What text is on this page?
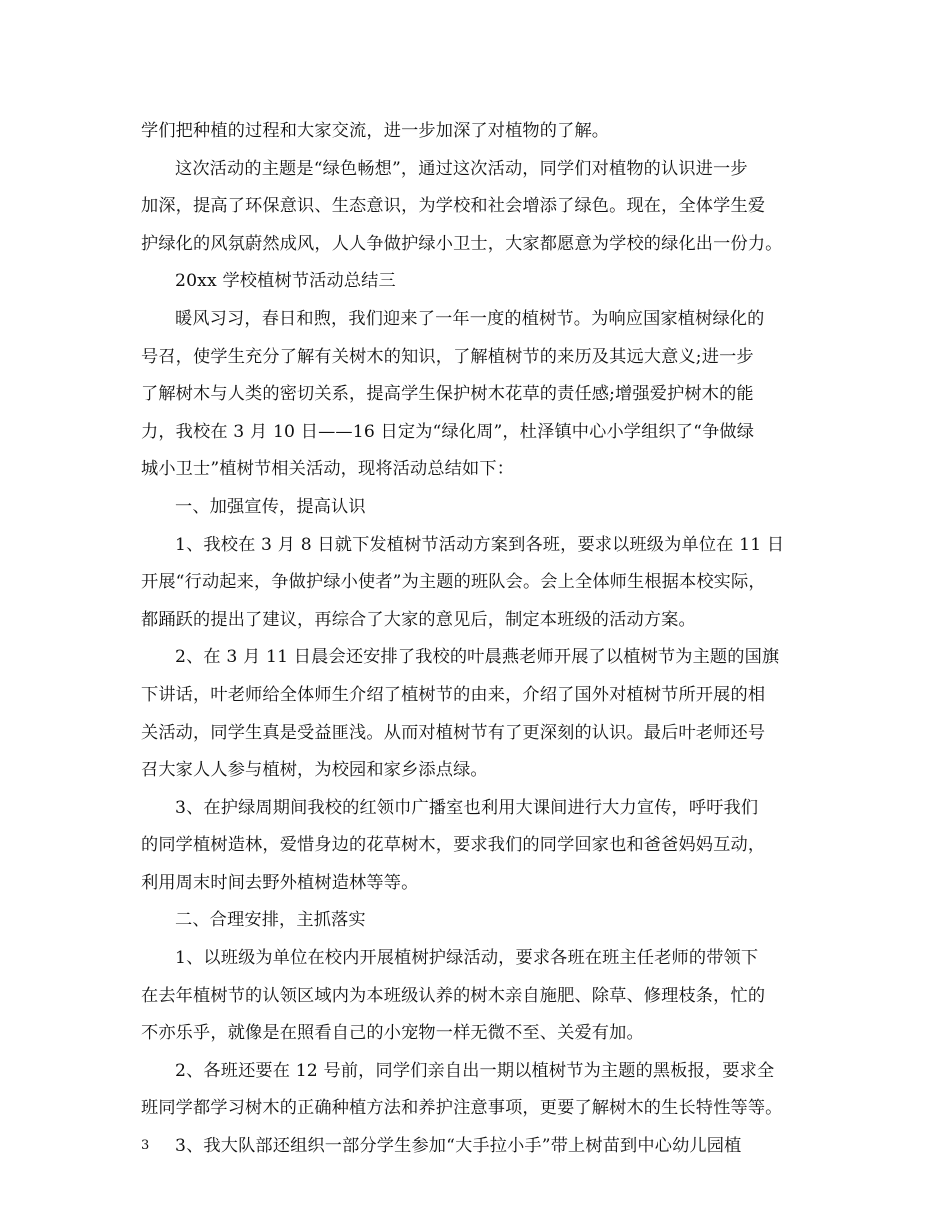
学们把种植的过程和大家交流，进一步加深了对植物的了解。
这次活动的主题是“绿色畅想”，通过这次活动，同学们对植物的认识进一步
加深，提高了环保意识、生态意识，为学校和社会增添了绿色。现在，全体学生爱
护绿化的风氛蔚然成风，人人争做护绿小卫士，大家都愿意为学校的绿化出一份力。
20xx 学校植树节活动总结三
暖风习习，春日和煦，我们迎来了一年一度的植树节。为响应国家植树绿化的
号召，使学生充分了解有关树木的知识，了解植树节的来历及其远大意义;进一步
了解树木与人类的密切关系，提高学生保护树木花草的责任感;增强爱护树木的能
力，我校在 3 月 10 日——16 日定为“绿化周”，杜泽镇中心小学组织了“争做绿
城小卫士”植树节相关活动，现将活动总结如下：
一、加强宣传，提高认识
1、我校在 3 月 8 日就下发植树节活动方案到各班，要求以班级为单位在 11 日
开展“行动起来，争做护绿小使者”为主题的班队会。会上全体师生根据本校实际，
都踊跃的提出了建议，再综合了大家的意见后，制定本班级的活动方案。
2、在 3 月 11 日晨会还安排了我校的叶晨燕老师开展了以植树节为主题的国旗
下讲话，叶老师给全体师生介绍了植树节的由来，介绍了国外对植树节所开展的相
关活动，同学生真是受益匪浅。从而对植树节有了更深刻的认识。最后叶老师还号
召大家人人参与植树，为校园和家乡添点绿。
3、在护绿周期间我校的红领巾广播室也利用大课间进行大力宣传，呼吁我们
的同学植树造林，爱惜身边的花草树木，要求我们的同学回家也和爸爸妈妈互动，
利用周末时间去野外植树造林等等。
二、合理安排，主抓落实
1、以班级为单位在校内开展植树护绿活动，要求各班在班主任老师的带领下
在去年植树节的认领区域内为本班级认养的树木亲自施肥、除草、修理枝条，忙的
不亦乐乎，就像是在照看自己的小宠物一样无微不至、关爱有加。
2、各班还要在 12 号前，同学们亲自出一期以植树节为主题的黑板报，要求全
班同学都学习树木的正确种植方法和养护注意事项，更要了解树木的生长特性等等。
3、我大队部还组织一部分学生参加“大手拉小手”带上树苗到中心幼儿园植
3
